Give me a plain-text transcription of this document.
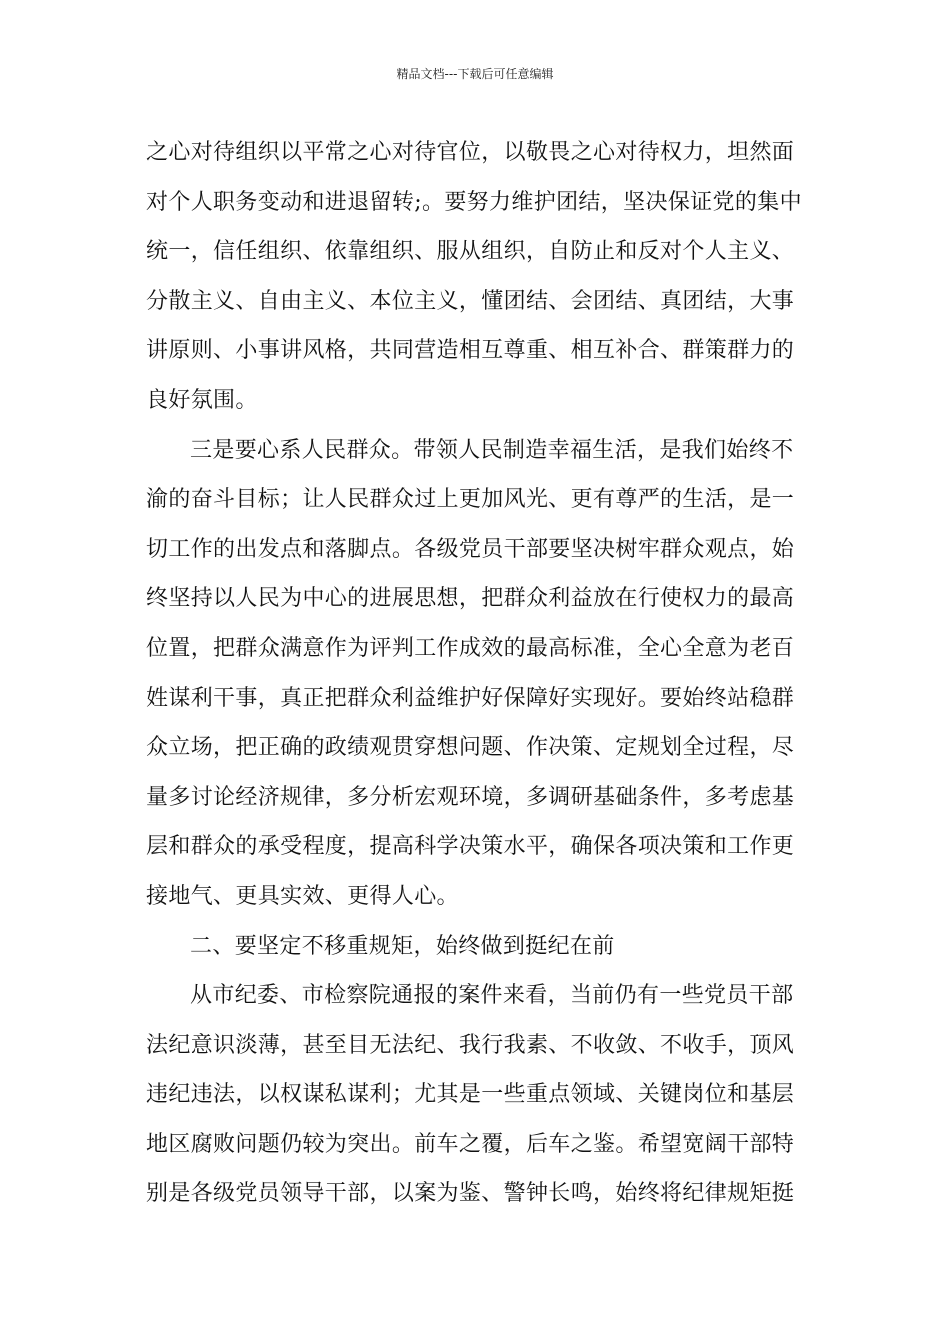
精品文档---下载后可任意编辑
之心对待组织以平常之心对待官位，以敬畏之心对待权力，坦然面
对个人职务变动和进退留转;。要努力维护团结，坚决保证党的集中
统一，信任组织、依靠组织、服从组织，自防止和反对个人主义、
分散主义、自由主义、本位主义，懂团结、会团结、真团结，大事
讲原则、小事讲风格，共同营造相互尊重、相互补合、群策群力的
良好氛围。
三是要心系人民群众。带领人民制造幸福生活，是我们始终不
渝的奋斗目标；让人民群众过上更加风光、更有尊严的生活，是一
切工作的出发点和落脚点。各级党员干部要坚决树牢群众观点，始
终坚持以人民为中心的进展思想，把群众利益放在行使权力的最高
位置，把群众满意作为评判工作成效的最高标准，全心全意为老百
姓谋利干事，真正把群众利益维护好保障好实现好。要始终站稳群
众立场，把正确的政绩观贯穿想问题、作决策、定规划全过程，尽
量多讨论经济规律，多分析宏观环境，多调研基础条件，多考虑基
层和群众的承受程度，提高科学决策水平，确保各项决策和工作更
接地气、更具实效、更得人心。
二、要坚定不移重规矩，始终做到挺纪在前
从市纪委、市检察院通报的案件来看，当前仍有一些党员干部
法纪意识淡薄，甚至目无法纪、我行我素、不收敛、不收手，顶风
违纪违法，以权谋私谋利；尤其是一些重点领域、关键岗位和基层
地区腐败问题仍较为突出。前车之覆，后车之鉴。希望宽阔干部特
别是各级党员领导干部，以案为鉴、警钟长鸣，始终将纪律规矩挺
